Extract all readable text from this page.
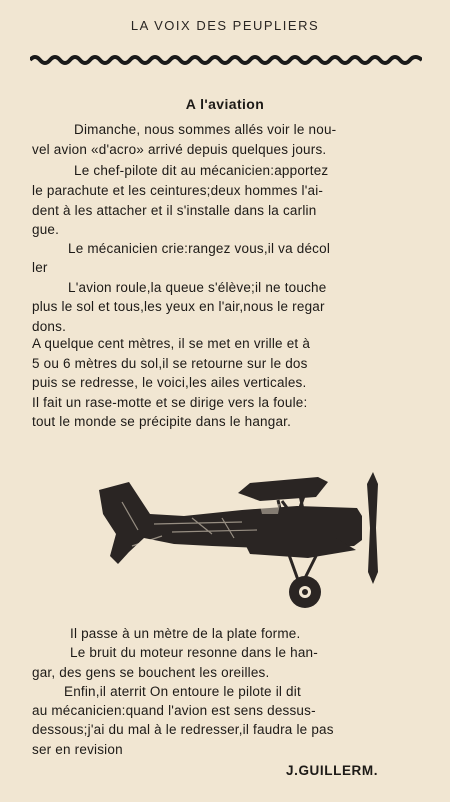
LA VOIX DES PEUPLIERS
A l'aviation
Dimanche, nous sommes allés voir le nou-
vel avion «d'acro» arrivé depuis quelques jours.
Le chef-pilote dit au mécanicien:apportez
le parachute et les ceintures;deux hommes l'ai-
dent à les attacher et il s'installe dans la carlin
gue.
Le mécanicien crie:rangez vous,il va décol
ler
L'avion roule,la queue s'élève;il ne touche
plus le sol et tous,les yeux en l'air,nous le regar
dons.
A quelque cent mètres, il se met en vrille et à
5 ou 6 mètres du sol,il se retourne sur le dos
puis se redresse, le voici,les ailes verticales.
Il fait un rase-motte et se dirige vers la foule:
tout le monde se précipite dans le hangar.
Il passe à un mètre de la plate forme.
Le bruit du moteur resonne dans le han-
gar, des gens se bouchent les oreilles.
Enfin,il aterrit On entoure le pilote il dit
au mécanicien:quand l'avion est sens dessus-
dessous;j'ai du mal à le redresser,il faudra le pas
ser en revision
J.GUILLERM.
